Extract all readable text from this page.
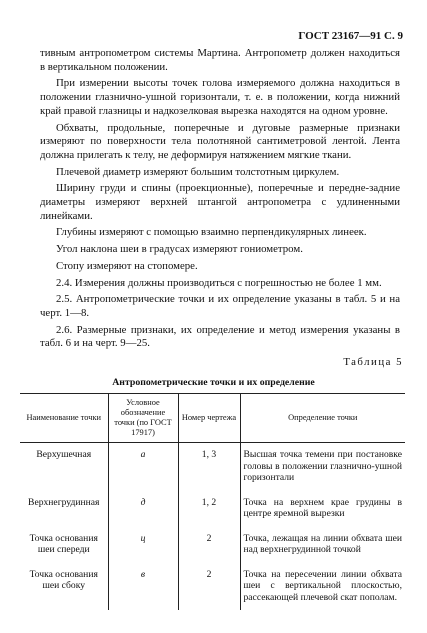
ГОСТ 23167—91 С. 9

тивным антропометром системы Мартина. Антропометр должен находиться в вертикальном положении.

При измерении высоты точек голова измеряемого должна находиться в положении глазнично-ушной горизонтали, т. е. в положении, когда нижний край правой глазницы и надкозелковая вырезка находятся на одном уровне.

Обхваты, продольные, поперечные и дуговые размерные признаки измеряют по поверхности тела полотняной сантиметровой лентой. Лента должна прилегать к телу, не деформируя натяжением мягкие ткани.

Плечевой диаметр измеряют большим толстотным циркулем.

Ширину груди и спины (проекционные), поперечные и передне-задние диаметры измеряют верхней штангой антропометра с удлиненными линейками.

Глубины измеряют с помощью взаимно перпендикулярных линеек.

Угол наклона шеи в градусах измеряют гониометром.

Стопу измеряют на стопомере.

2.4. Измерения должны производиться с погрешностью не более 1 мм.

2.5. Антропометрические точки и их определение указаны в табл. 5 и на черт. 1—8.

2.6. Размерные признаки, их определение и метод измерения указаны в табл. 6 и на черт. 9—25.

Таблица 5
Антропометрические точки и их определение
Наименование точки	Условное обозначение точки (по ГОСТ 17917)	Номер чертежа	Определение точки
Верхушечная	а	1, 3	Высшая точка темени при постановке головы в положении глазнично-ушной горизонтали
Верхнегрудинная	д	1, 2	Точка на верхнем крае грудины в центре яремной вырезки
Точка основания шеи спереди	ц	2	Точка, лежащая на линии обхвата шеи над верхнегрудинной точкой
Точка основания шеи сбоку	в	2	Точка на пересечении линии обхвата шеи с вертикальной плоскостью, рассекающей плечевой скат пополам.
